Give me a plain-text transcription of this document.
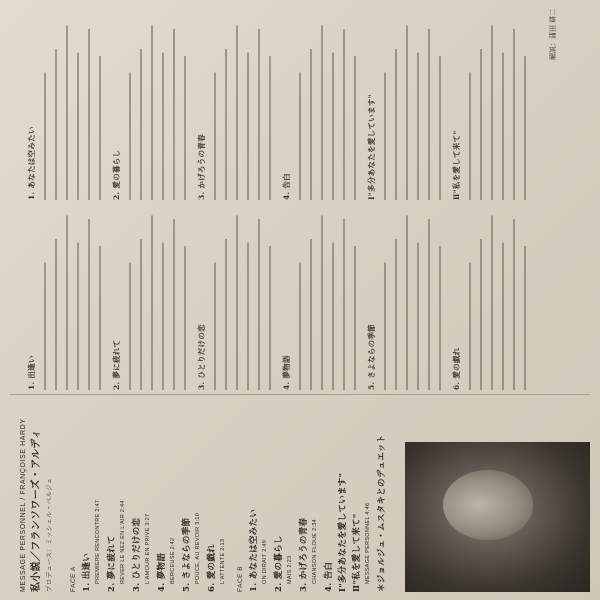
MESSAGE PERSONNEL / FRANÇOISE HARDY 私小説／フランソワーズ・アルディ プロデュース：ミッシェル・ベルジェ	FACE A 1. 出逢い PREMIERE RENCONTRE 2:47 2. 夢に疲れて REVER LE NEZ EN L'AIR 2:44 3. ひとりだけの恋 L'AMOUR EN PRIVE 3:27 4. 夢物語 BERCEUSE 2:42 5. さよならの季節 POUCE, AU REVOIR 3:10 6. 愛の戯れ L'ATTENTE 2:13	FACE B 1. あなたは空みたい ON DIRAIT 2:49 2. 愛の暮らし MAIS 2:23 3. かげろうの青春 CHANSON FLOUE 2:34 4. 告白 Ⅰ"多分あなたを愛しています" Ⅱ"私を愛して来て" MESSAGE PERSONNEL 4:46 ＊ジョルジュ・ムスタキとのデュエット
1. 出逢い	2. 夢に疲れて	3. ひとりだけの恋	4. 夢物語	5. さよならの季節	6. 愛の戯れ
1. あなたは空みたい	2. 愛の暮らし	3. かげろうの青春	4. 告白	Ⅰ"多分あなたを愛しています"	Ⅱ"私を愛して来て"
解説：蒲田 耕二
